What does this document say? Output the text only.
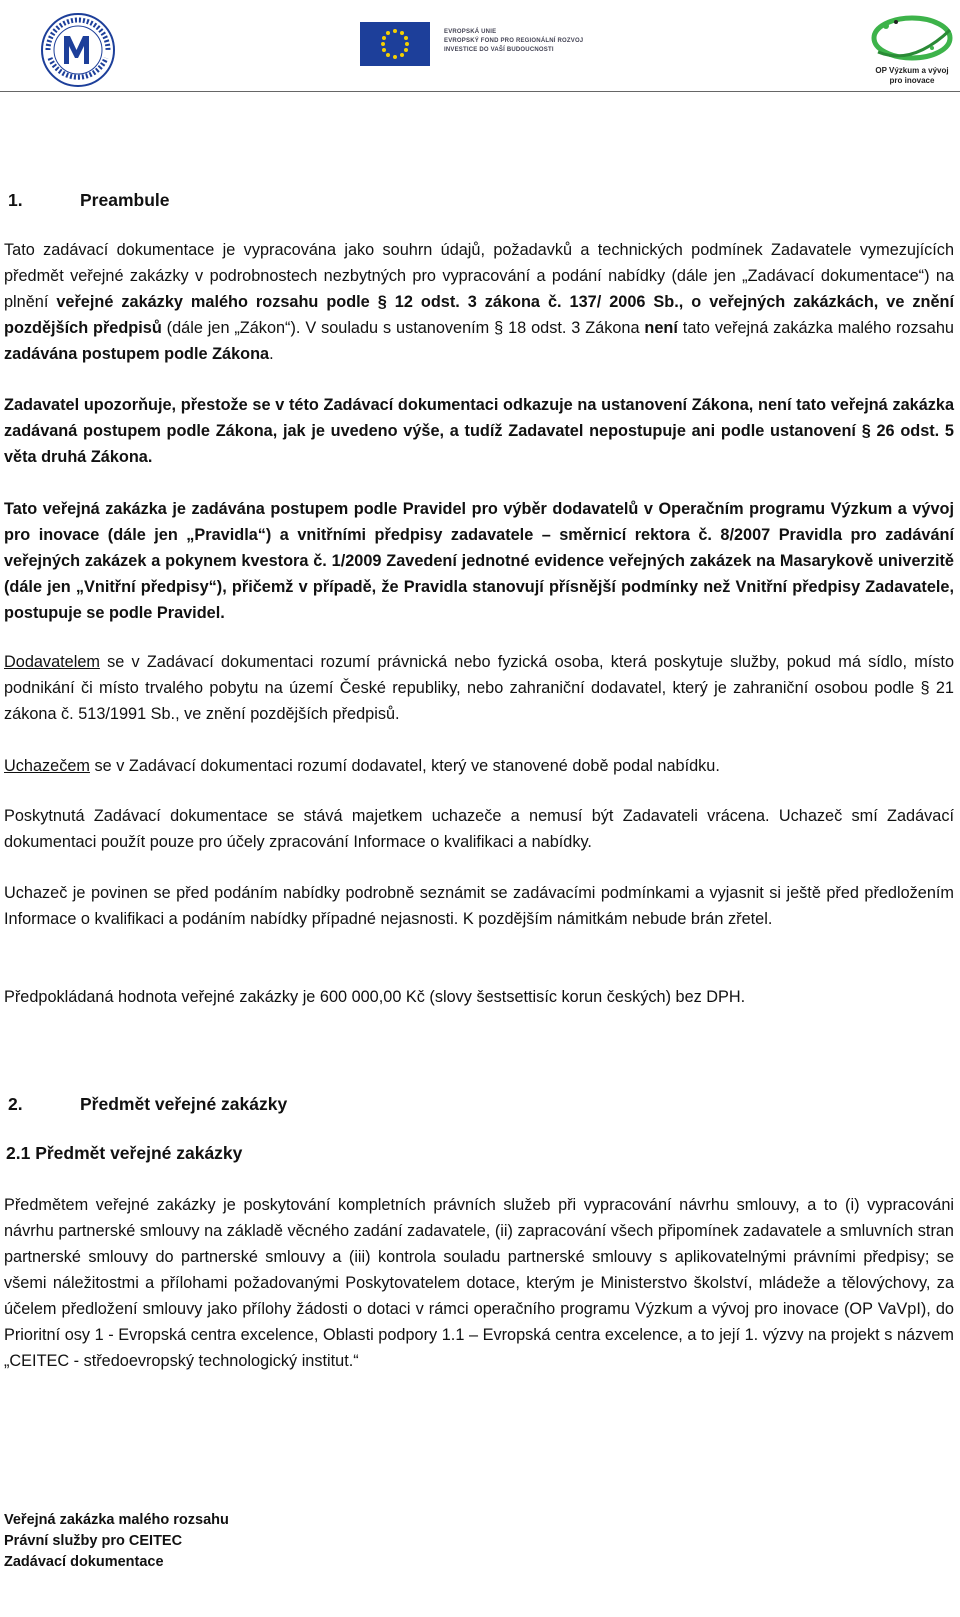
EVROPSKÁ UNIE
EVROPSKÝ FOND PRO REGIONÁLNÍ ROZVOJ
INVESTICE DO VAŠÍ BUDOUCNOSTI
OP Výzkum a vývoj
pro inovace
1.	Preambule

Tato zadávací dokumentace je vypracována jako souhrn údajů, požadavků a technických podmínek Zadavatele vymezujících předmět veřejné zakázky v podrobnostech nezbytných pro vypracování a podání nabídky (dále jen „Zadávací dokumentace“) na plnění veřejné zakázky malého rozsahu podle § 12 odst. 3 zákona č. 137/ 2006 Sb., o veřejných zakázkách, ve znění pozdějších předpisů (dále jen „Zákon“). V souladu s ustanovením § 18 odst. 3 Zákona není tato veřejná zakázka malého rozsahu zadávána postupem podle Zákona.

Zadavatel upozorňuje, přestože se v této Zadávací dokumentaci odkazuje na ustanovení Zákona, není tato veřejná zakázka zadávaná postupem podle Zákona, jak je uvedeno výše, a tudíž Zadavatel nepostupuje ani podle ustanovení § 26 odst. 5 věta druhá Zákona.

Tato veřejná zakázka je zadávána postupem podle Pravidel pro výběr dodavatelů v Operačním programu Výzkum a vývoj pro inovace (dále jen „Pravidla“) a vnitřními předpisy zadavatele – směrnicí rektora č. 8/2007 Pravidla pro zadávání veřejných zakázek a pokynem kvestora č. 1/2009 Zavedení jednotné evidence veřejných zakázek na Masarykově univerzitě (dále jen „Vnitřní předpisy“), přičemž v případě, že Pravidla stanovují přísnější podmínky než Vnitřní předpisy Zadavatele, postupuje se podle Pravidel.

Dodavatelem se v Zadávací dokumentaci rozumí právnická nebo fyzická osoba, která poskytuje služby, pokud má sídlo, místo podnikání či místo trvalého pobytu na území České republiky, nebo zahraniční dodavatel, který je zahraniční osobou podle § 21 zákona č. 513/1991 Sb., ve znění pozdějších předpisů.

Uchazečem se v Zadávací dokumentaci rozumí dodavatel, který ve stanovené době podal nabídku.

Poskytnutá Zadávací dokumentace se stává majetkem uchazeče a nemusí být Zadavateli vrácena. Uchazeč smí Zadávací dokumentaci použít pouze pro účely zpracování Informace o kvalifikaci a nabídky.

Uchazeč je povinen se před podáním nabídky podrobně seznámit se zadávacími podmínkami a vyjasnit si ještě před předložením Informace o kvalifikaci a podáním nabídky případné nejasnosti. K pozdějším námitkám nebude brán zřetel.

Předpokládaná hodnota veřejné zakázky je 600 000,00 Kč (slovy šestsettisíc korun českých) bez DPH.

2.	Předmět veřejné zakázky
2.1 Předmět veřejné zakázky

Předmětem veřejné zakázky je poskytování kompletních právních služeb při vypracování návrhu smlouvy, a to (i) vypracováni návrhu partnerské smlouvy na základě věcného zadání zadavatele, (ii) zapracování všech připomínek zadavatele a smluvních stran partnerské smlouvy do partnerské smlouvy a (iii) kontrola souladu partnerské smlouvy s aplikovatelnými právními předpisy; se všemi náležitostmi a přílohami požadovanými Poskytovatelem dotace, kterým je Ministerstvo školství, mládeže a tělovýchovy, za účelem předložení smlouvy jako přílohy žádosti o dotaci v rámci operačního programu Výzkum a vývoj pro inovace (OP VaVpI), do Prioritní osy 1 - Evropská centra excelence, Oblasti podpory 1.1 – Evropská centra excelence, a to její 1. výzvy na projekt s názvem „CEITEC - středoevropský technologický institut.“

Veřejná zakázka malého rozsahu
Právní služby pro CEITEC
Zadávací dokumentace
